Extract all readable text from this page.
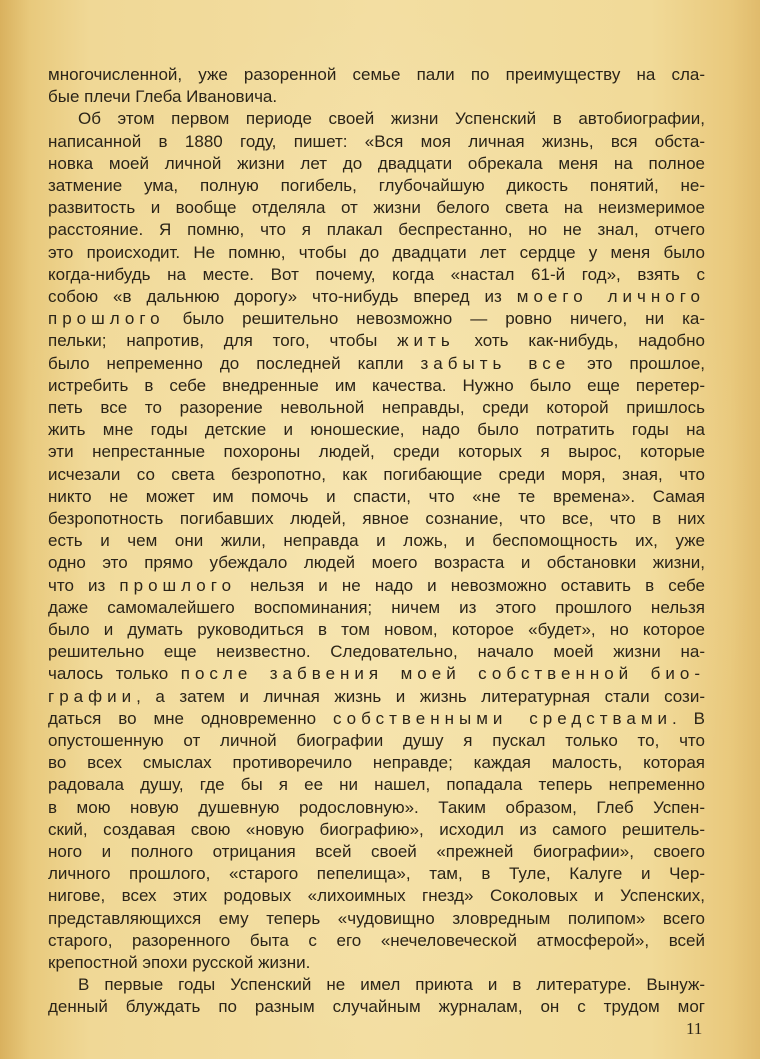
многочисленной, уже разоренной семье пали по преимуществу на сла-
бые плечи Глеба Ивановича.
Об этом первом периоде своей жизни Успенский в автобиографии,
написанной в 1880 году, пишет: «Вся моя личная жизнь, вся обста-
новка моей личной жизни лет до двадцати обрекала меня на полное
затмение ума, полную погибель, глубочайшую дикость понятий, не-
развитость и вообще отделяла от жизни белого света на неизмеримое
расстояние. Я помню, что я плакал беспрестанно, но не знал, отчего
это происходит. Не помню, чтобы до двадцати лет сердце у меня было
когда-нибудь на месте. Вот почему, когда «настал 61-й год», взять с
собою «в дальнюю дорогу» что-нибудь вперед из моего личного
прошлого было решительно невозможно — ровно ничего, ни ка-
пельки; напротив, для того, чтобы жить хоть как-нибудь, надобно
было непременно до последней капли забыть все это прошлое,
истребить в себе внедренные им качества. Нужно было еще перетер-
петь все то разорение невольной неправды, среди которой пришлось
жить мне годы детские и юношеские, надо было потратить годы на
эти непрестанные похороны людей, среди которых я вырос, которые
исчезали со света безропотно, как погибающие среди моря, зная, что
никто не может им помочь и спасти, что «не те времена». Самая
безропотность погибавших людей, явное сознание, что все, что в них
есть и чем они жили, неправда и ложь, и беспомощность их, уже
одно это прямо убеждало людей моего возраста и обстановки жизни,
что из прошлого нельзя и не надо и невозможно оставить в себе
даже самомалейшего воспоминания; ничем из этого прошлого нельзя
было и думать руководиться в том новом, которое «будет», но которое
решительно еще неизвестно. Следовательно, начало моей жизни на-
чалось только после забвения моей собственной био-
графии, а затем и личная жизнь и жизнь литературная стали сози-
даться во мне одновременно собственными средствами. В
опустошенную от личной биографии душу я пускал только то, что
во всех смыслах противоречило неправде; каждая малость, которая
радовала душу, где бы я ее ни нашел, попадала теперь непременно
в мою новую душевную родословную». Таким образом, Глеб Успен-
ский, создавая свою «новую биографию», исходил из самого решитель-
ного и полного отрицания всей своей «прежней биографии», своего
личного прошлого, «старого пепелища», там, в Туле, Калуге и Чер-
нигове, всех этих родовых «лихоимных гнезд» Соколовых и Успенских,
представляющихся ему теперь «чудовищно зловредным полипом» всего
старого, разоренного быта с его «нечеловеческой атмосферой», всей
крепостной эпохи русской жизни.
В первые годы Успенский не имел приюта и в литературе. Вынуж-
денный блуждать по разным случайным журналам, он с трудом мог
11
